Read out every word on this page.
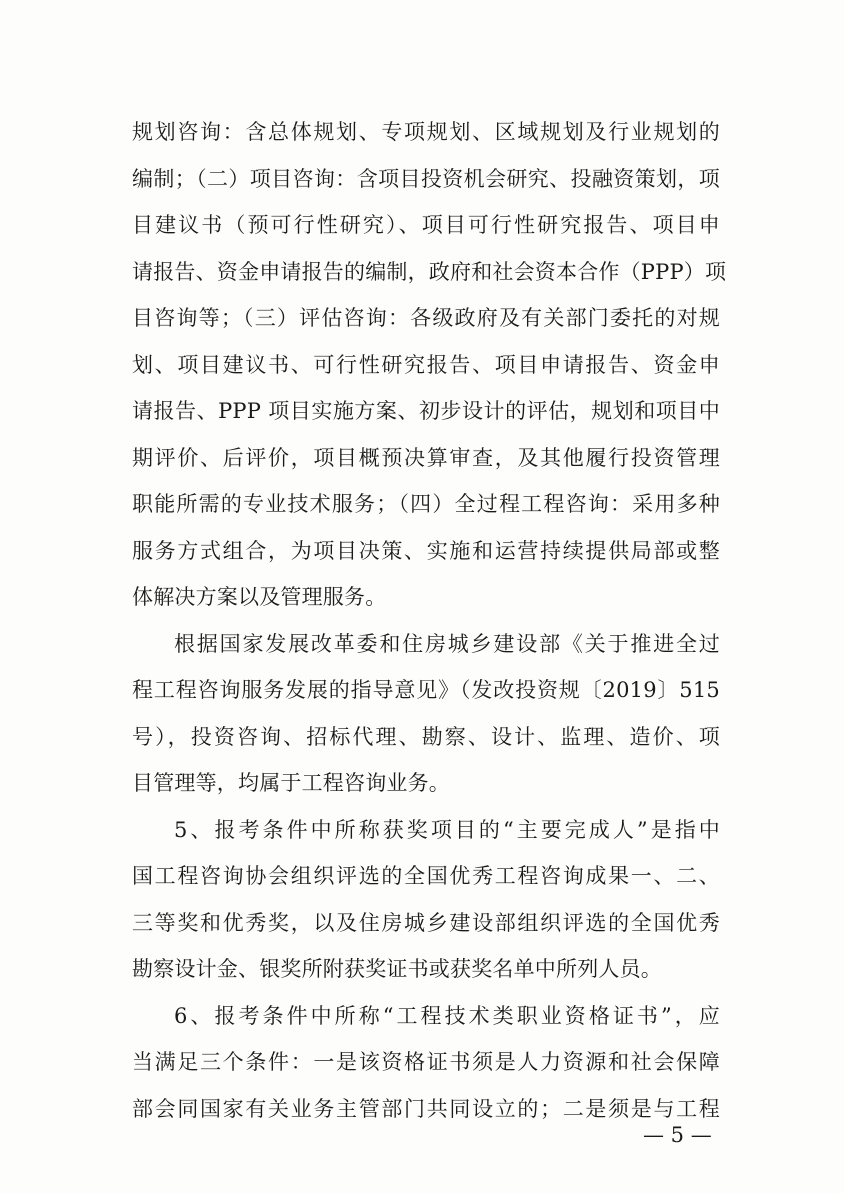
规划咨询：含总体规划、专项规划、区域规划及行业规划的
编制；（二）项目咨询：含项目投资机会研究、投融资策划，项
目建议书（预可行性研究）、项目可行性研究报告、项目申
请报告、资金申请报告的编制，政府和社会资本合作（PPP）项
目咨询等；（三）评估咨询：各级政府及有关部门委托的对规
划、项目建议书、可行性研究报告、项目申请报告、资金申
请报告、PPP 项目实施方案、初步设计的评估，规划和项目中
期评价、后评价，项目概预决算审查，及其他履行投资管理
职能所需的专业技术服务；（四）全过程工程咨询：采用多种
服务方式组合，为项目决策、实施和运营持续提供局部或整
体解决方案以及管理服务。
根据国家发展改革委和住房城乡建设部《关于推进全过
程工程咨询服务发展的指导意见》（发改投资规〔2019〕515
号），投资咨询、招标代理、勘察、设计、监理、造价、项
目管理等，均属于工程咨询业务。
5、报考条件中所称获奖项目的“主要完成人”是指中
国工程咨询协会组织评选的全国优秀工程咨询成果一、二、
三等奖和优秀奖，以及住房城乡建设部组织评选的全国优秀
勘察设计金、银奖所附获奖证书或获奖名单中所列人员。
6、报考条件中所称“工程技术类职业资格证书”，应
当满足三个条件：一是该资格证书须是人力资源和社会保障
部会同国家有关业务主管部门共同设立的；二是须是与工程
— 5 —
